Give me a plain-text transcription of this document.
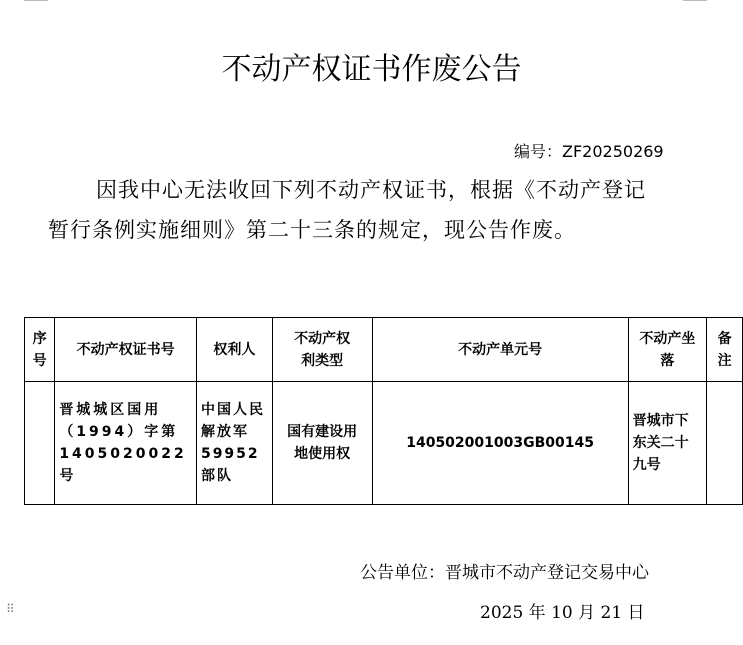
不动产权证书作废公告
编号：ZF20250269
因我中心无法收回下列不动产权证书，根据《不动产登记
暂行条例实施细则》第二十三条的规定，现公告作废。
序号	不动产权证书号	权利人	不动产权利类型	不动产单元号	不动产坐落	备注
	晋城城区国用（1994）字第1405020022号	中国人民解放军59952部队	国有建设用地使用权	140502001003GB00145	晋城市下东关二十九号	
公告单位：晋城市不动产登记交易中心
⠿	2025 年 10 月 21 日
